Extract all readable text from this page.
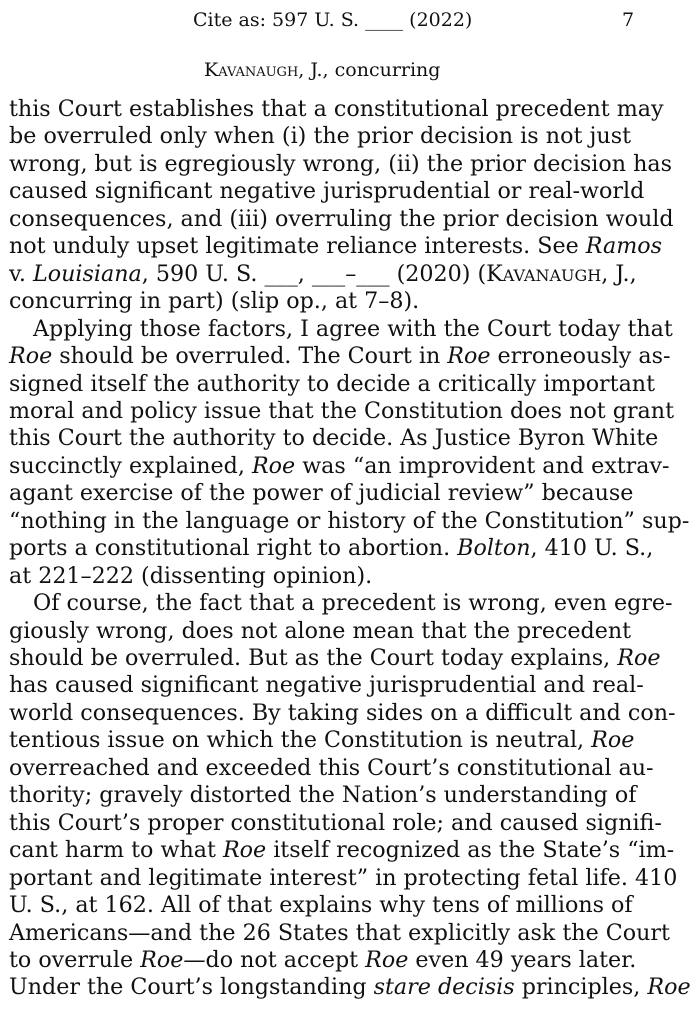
Cite as: 597 U. S. ____ (2022)	7
Kavanaugh, J., concurring
this Court establishes that a constitutional precedent may
be overruled only when (i) the prior decision is not just
wrong, but is egregiously wrong, (ii) the prior decision has
caused significant negative jurisprudential or real-world
consequences, and (iii) overruling the prior decision would
not unduly upset legitimate reliance interests. See Ramos
v. Louisiana, 590 U. S. ___, ___–___ (2020) (Kavanaugh, J.,
concurring in part) (slip op., at 7–8).
Applying those factors, I agree with the Court today that
Roe should be overruled. The Court in Roe erroneously as-
signed itself the authority to decide a critically important
moral and policy issue that the Constitution does not grant
this Court the authority to decide. As Justice Byron White
succinctly explained, Roe was “an improvident and extrav-
agant exercise of the power of judicial review” because
“nothing in the language or history of the Constitution” sup-
ports a constitutional right to abortion. Bolton, 410 U. S.,
at 221–222 (dissenting opinion).
Of course, the fact that a precedent is wrong, even egre-
giously wrong, does not alone mean that the precedent
should be overruled. But as the Court today explains, Roe
has caused significant negative jurisprudential and real-
world consequences. By taking sides on a difficult and con-
tentious issue on which the Constitution is neutral, Roe
overreached and exceeded this Court’s constitutional au-
thority; gravely distorted the Nation’s understanding of
this Court’s proper constitutional role; and caused signifi-
cant harm to what Roe itself recognized as the State’s “im-
portant and legitimate interest” in protecting fetal life. 410
U. S., at 162. All of that explains why tens of millions of
Americans—and the 26 States that explicitly ask the Court
to overrule Roe—do not accept Roe even 49 years later.
Under the Court’s longstanding stare decisis principles, Roe
